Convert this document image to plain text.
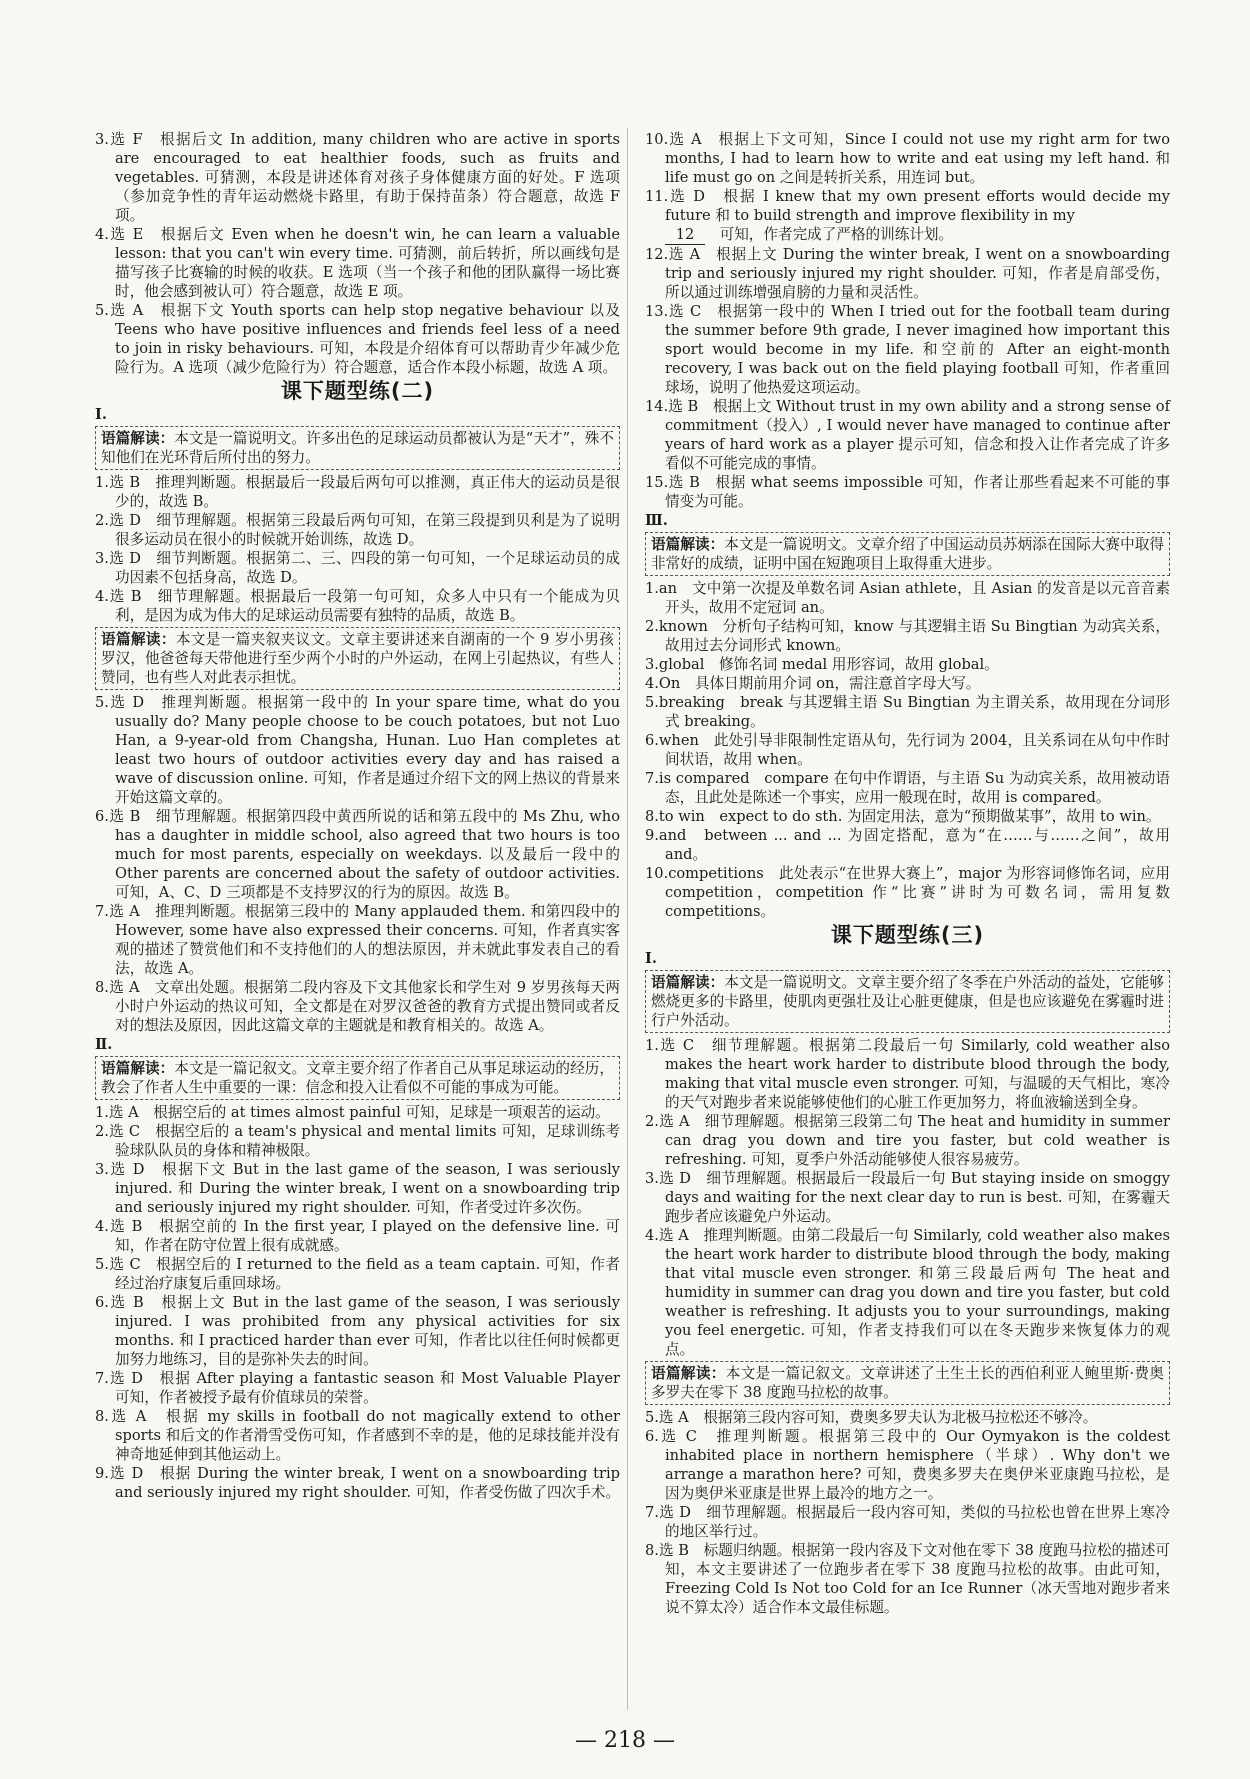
3.选 F　根据后文 In addition, many children who are active in sports are encouraged to eat healthier foods, such as fruits and vegetables. 可猜测，本段是讲述体育对孩子身体健康方面的好处。F 选项（参加竞争性的青年运动燃烧卡路里，有助于保持苗条）符合题意，故选 F 项。
4.选 E　根据后文 Even when he doesn't win, he can learn a valuable lesson: that you can't win every time. 可猜测，前后转折，所以画线句是描写孩子比赛输的时候的收获。E 选项（当一个孩子和他的团队赢得一场比赛时，他会感到被认可）符合题意，故选 E 项。
5.选 A　根据下文 Youth sports can help stop negative behaviour 以及 Teens who have positive influences and friends feel less of a need to join in risky behaviours. 可知，本段是介绍体育可以帮助青少年减少危险行为。A 选项（减少危险行为）符合题意，适合作本段小标题，故选 A 项。
课下题型练(二)
Ⅰ.
语篇解读：本文是一篇说明文。许多出色的足球运动员都被认为是“天才”，殊不知他们在光环背后所付出的努力。
1.选 B　推理判断题。根据最后一段最后两句可以推测，真正伟大的运动员是很少的，故选 B。
2.选 D　细节理解题。根据第三段最后两句可知，在第三段提到贝利是为了说明很多运动员在很小的时候就开始训练，故选 D。
3.选 D　细节判断题。根据第二、三、四段的第一句可知，一个足球运动员的成功因素不包括身高，故选 D。
4.选 B　细节理解题。根据最后一段第一句可知，众多人中只有一个能成为贝利，是因为成为伟大的足球运动员需要有独特的品质，故选 B。
语篇解读：本文是一篇夹叙夹议文。文章主要讲述来自湖南的一个 9 岁小男孩罗汉，他爸爸每天带他进行至少两个小时的户外运动，在网上引起热议，有些人赞同，也有些人对此表示担忧。
5.选 D　推理判断题。根据第一段中的 In your spare time, what do you usually do? Many people choose to be couch potatoes, but not Luo Han, a 9-year-old from Changsha, Hunan. Luo Han completes at least two hours of outdoor activities every day and has raised a wave of discussion online. 可知，作者是通过介绍下文的网上热议的背景来开始这篇文章的。
6.选 B　细节理解题。根据第四段中黄西所说的话和第五段中的 Ms Zhu, who has a daughter in middle school, also agreed that two hours is too much for most parents, especially on weekdays. 以及最后一段中的 Other parents are concerned about the safety of outdoor activities. 可知，A、C、D 三项都是不支持罗汉的行为的原因。故选 B。
7.选 A　推理判断题。根据第三段中的 Many applauded them. 和第四段中的 However, some have also expressed their concerns. 可知，作者真实客观的描述了赞赏他们和不支持他们的人的想法原因，并未就此事发表自己的看法，故选 A。
8.选 A　文章出处题。根据第二段内容及下文其他家长和学生对 9 岁男孩每天两小时户外运动的热议可知，全文都是在对罗汉爸爸的教育方式提出赞同或者反对的想法及原因，因此这篇文章的主题就是和教育相关的。故选 A。
Ⅱ.
语篇解读：本文是一篇记叙文。文章主要介绍了作者自己从事足球运动的经历，教会了作者人生中重要的一课：信念和投入让看似不可能的事成为可能。
1.选 A　根据空后的 at times almost painful 可知，足球是一项艰苦的运动。
2.选 C　根据空后的 a team's physical and mental limits 可知，足球训练考验球队队员的身体和精神极限。
3.选 D　根据下文 But in the last game of the season, I was seriously injured. 和 During the winter break, I went on a snowboarding trip and seriously injured my right shoulder. 可知，作者受过许多次伤。
4.选 B　根据空前的 In the first year, I played on the defensive line. 可知，作者在防守位置上很有成就感。
5.选 C　根据空后的 I returned to the field as a team captain. 可知，作者经过治疗康复后重回球场。
6.选 B　根据上文 But in the last game of the season, I was seriously injured. I was prohibited from any physical activities for six months. 和 I practiced harder than ever 可知，作者比以往任何时候都更加努力地练习，目的是弥补失去的时间。
7.选 D　根据 After playing a fantastic season 和 Most Valuable Player 可知，作者被授予最有价值球员的荣誉。
8.选 A　根据 my skills in football do not magically extend to other sports 和后文的作者滑雪受伤可知，作者感到不幸的是，他的足球技能并没有神奇地延伸到其他运动上。
9.选 D　根据 During the winter break, I went on a snowboarding trip and seriously injured my right shoulder. 可知，作者受伤做了四次手术。
10.选 A　根据上下文可知，Since I could not use my right arm for two months, I had to learn how to write and eat using my left hand. 和 life must go on 之间是转折关系，用连词 but。
11.选 D　根据 I knew that my own present efforts would decide my future 和 to build strength and improve flexibility in my
12　可知，作者完成了严格的训练计划。
12.选 A　根据上文 During the winter break, I went on a snowboarding trip and seriously injured my right shoulder. 可知，作者是肩部受伤，所以通过训练增强肩膀的力量和灵活性。
13.选 C　根据第一段中的 When I tried out for the football team during the summer before 9th grade, I never imagined how important this sport would become in my life. 和空前的 After an eight-month recovery, I was back out on the field playing football 可知，作者重回球场，说明了他热爱这项运动。
14.选 B　根据上文 Without trust in my own ability and a strong sense of commitment（投入）, I would never have managed to continue after years of hard work as a player 提示可知，信念和投入让作者完成了许多看似不可能完成的事情。
15.选 B　根据 what seems impossible 可知，作者让那些看起来不可能的事情变为可能。
Ⅲ.
语篇解读：本文是一篇说明文。文章介绍了中国运动员苏炳添在国际大赛中取得非常好的成绩，证明中国在短跑项目上取得重大进步。
1.an　文中第一次提及单数名词 Asian athlete，且 Asian 的发音是以元音音素开头，故用不定冠词 an。
2.known　分析句子结构可知，know 与其逻辑主语 Su Bingtian 为动宾关系，故用过去分词形式 known。
3.global　修饰名词 medal 用形容词，故用 global。
4.On　具体日期前用介词 on，需注意首字母大写。
5.breaking　break 与其逻辑主语 Su Bingtian 为主谓关系，故用现在分词形式 breaking。
6.when　此处引导非限制性定语从句，先行词为 2004，且关系词在从句中作时间状语，故用 when。
7.is compared　compare 在句中作谓语，与主语 Su 为动宾关系，故用被动语态，且此处是陈述一个事实，应用一般现在时，故用 is compared。
8.to win　expect to do sth. 为固定用法，意为“预期做某事”，故用 to win。
9.and　between ... and ... 为固定搭配，意为“在……与……之间”，故用 and。
10.competitions　此处表示“在世界大赛上”，major 为形容词修饰名词，应用 competition，competition 作“比赛”讲时为可数名词，需用复数 competitions。
课下题型练(三)
Ⅰ.
语篇解读：本文是一篇说明文。文章主要介绍了冬季在户外活动的益处，它能够燃烧更多的卡路里，使肌肉更强壮及让心脏更健康，但是也应该避免在雾霾时进行户外活动。
1.选 C　细节理解题。根据第二段最后一句 Similarly, cold weather also makes the heart work harder to distribute blood through the body, making that vital muscle even stronger. 可知，与温暖的天气相比，寒冷的天气对跑步者来说能够使他们的心脏工作更加努力，将血液输送到全身。
2.选 A　细节理解题。根据第三段第二句 The heat and humidity in summer can drag you down and tire you faster, but cold weather is refreshing. 可知，夏季户外活动能够使人很容易疲劳。
3.选 D　细节理解题。根据最后一段最后一句 But staying inside on smoggy days and waiting for the next clear day to run is best. 可知，在雾霾天跑步者应该避免户外运动。
4.选 A　推理判断题。由第二段最后一句 Similarly, cold weather also makes the heart work harder to distribute blood through the body, making that vital muscle even stronger. 和第三段最后两句 The heat and humidity in summer can drag you down and tire you faster, but cold weather is refreshing. It adjusts you to your surroundings, making you feel energetic. 可知，作者支持我们可以在冬天跑步来恢复体力的观点。
语篇解读：本文是一篇记叙文。文章讲述了土生土长的西伯利亚人鲍里斯·费奥多罗夫在零下 38 度跑马拉松的故事。
5.选 A　根据第三段内容可知，费奥多罗夫认为北极马拉松还不够冷。
6.选 C　推理判断题。根据第三段中的 Our Oymyakon is the coldest inhabited place in northern hemisphere（半球）. Why don't we arrange a marathon here? 可知，费奥多罗夫在奥伊米亚康跑马拉松，是因为奥伊米亚康是世界上最冷的地方之一。
7.选 D　细节理解题。根据最后一段内容可知，类似的马拉松也曾在世界上寒冷的地区举行过。
8.选 B　标题归纳题。根据第一段内容及下文对他在零下 38 度跑马拉松的描述可知，本文主要讲述了一位跑步者在零下 38 度跑马拉松的故事。由此可知，Freezing Cold Is Not too Cold for an Ice Runner（冰天雪地对跑步者来说不算太冷）适合作本文最佳标题。
— 218 —
